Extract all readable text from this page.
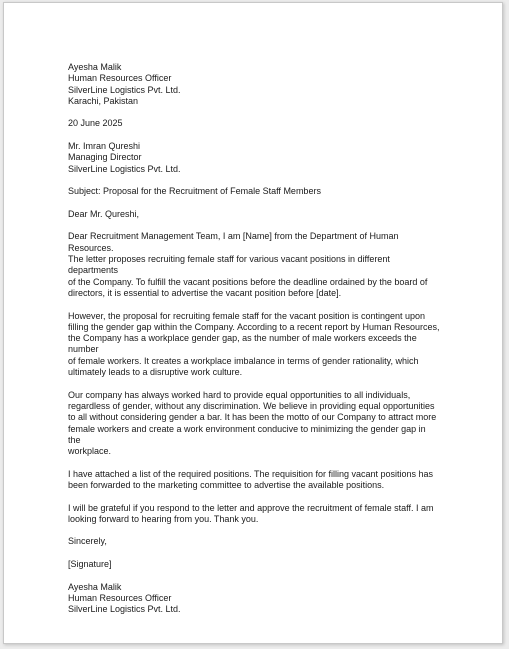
Ayesha Malik
Human Resources Officer
SilverLine Logistics Pvt. Ltd.
Karachi, Pakistan

20 June 2025

Mr. Imran Qureshi
Managing Director
SilverLine Logistics Pvt. Ltd.

Subject: Proposal for the Recruitment of Female Staff Members

Dear Mr. Qureshi,

Dear Recruitment Management Team, I am [Name] from the Department of Human Resources.
The letter proposes recruiting female staff for various vacant positions in different departments
of the Company. To fulfill the vacant positions before the deadline ordained by the board of
directors, it is essential to advertise the vacant position before [date].

However, the proposal for recruiting female staff for the vacant position is contingent upon
filling the gender gap within the Company. According to a recent report by Human Resources,
the Company has a workplace gender gap, as the number of male workers exceeds the number
of female workers. It creates a workplace imbalance in terms of gender rationality, which
ultimately leads to a disruptive work culture.

Our company has always worked hard to provide equal opportunities to all individuals,
regardless of gender, without any discrimination. We believe in providing equal opportunities
to all without considering gender a bar. It has been the motto of our Company to attract more
female workers and create a work environment conducive to minimizing the gender gap in the
workplace.

I have attached a list of the required positions. The requisition for filling vacant positions has
been forwarded to the marketing committee to advertise the available positions.

I will be grateful if you respond to the letter and approve the recruitment of female staff. I am
looking forward to hearing from you. Thank you.

Sincerely,

[Signature]

Ayesha Malik
Human Resources Officer
SilverLine Logistics Pvt. Ltd.
